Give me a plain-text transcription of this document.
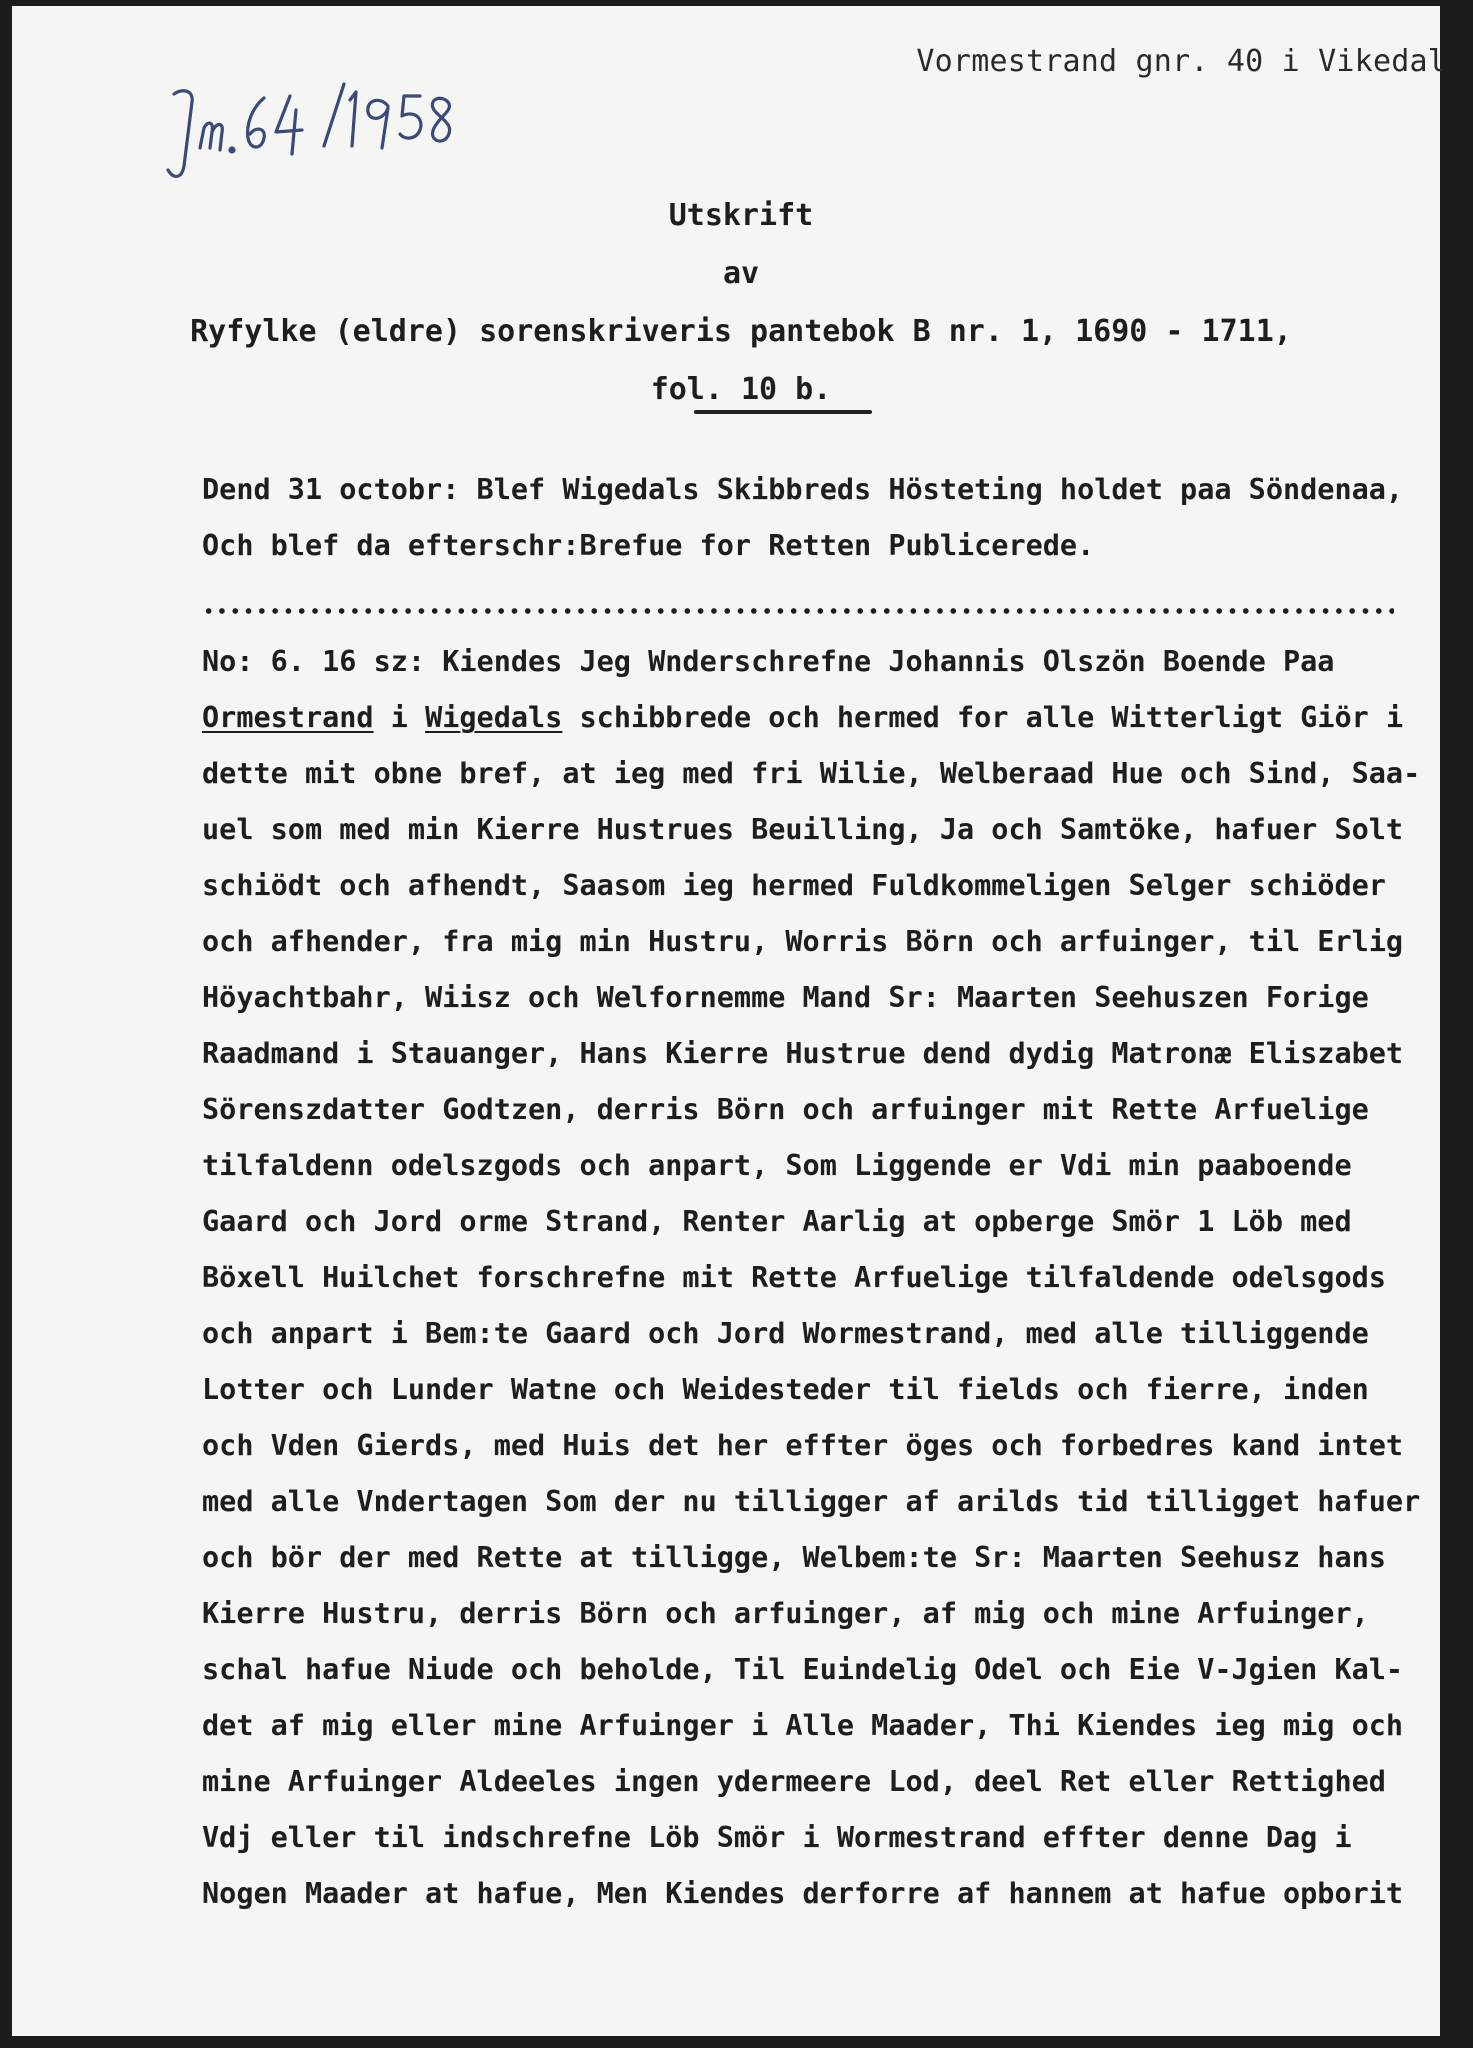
Vormestrand gnr. 40 i Vikedal
Utskrift
av
Ryfylke (eldre) sorenskriveris pantebok B nr. 1, 1690 - 1711,
fol. 10 b.
Dend 31 octobr: Blef Wigedals Skibbreds Hösteting holdet paa Söndenaa,
Och blef da efterschr:Brefue for Retten Publicerede.
No: 6. 16 sz: Kiendes Jeg Wnderschrefne Johannis Olszön Boende Paa
Ormestrand i Wigedals schibbrede och hermed for alle Witterligt Giör i
dette mit obne bref, at ieg med fri Wilie, Welberaad Hue och Sind, Saa-
uel som med min Kierre Hustrues Beuilling, Ja och Samtöke, hafuer Solt
schiödt och afhendt, Saasom ieg hermed Fuldkommeligen Selger schiöder
och afhender, fra mig min Hustru, Worris Börn och arfuinger, til Erlig
Höyachtbahr, Wiisz och Welfornemme Mand Sr: Maarten Seehuszen Forige
Raadmand i Stauanger, Hans Kierre Hustrue dend dydig Matronæ Eliszabet
Sörenszdatter Godtzen, derris Börn och arfuinger mit Rette Arfuelige
tilfaldenn odelszgods och anpart, Som Liggende er Vdi min paaboende
Gaard och Jord orme Strand, Renter Aarlig at opberge Smör 1 Löb med
Böxell Huilchet forschrefne mit Rette Arfuelige tilfaldende odelsgods
och anpart i Bem:te Gaard och Jord Wormestrand, med alle tilliggende
Lotter och Lunder Watne och Weidesteder til fields och fierre, inden
och Vden Gierds, med Huis det her effter öges och forbedres kand intet
med alle Vndertagen Som der nu tilligger af arilds tid tilligget hafuer
och bör der med Rette at tilligge, Welbem:te Sr: Maarten Seehusz hans
Kierre Hustru, derris Börn och arfuinger, af mig och mine Arfuinger,
schal hafue Niude och beholde, Til Euindelig Odel och Eie V-Jgien Kal-
det af mig eller mine Arfuinger i Alle Maader, Thi Kiendes ieg mig och
mine Arfuinger Aldeeles ingen ydermeere Lod, deel Ret eller Rettighed
Vdj eller til indschrefne Löb Smör i Wormestrand effter denne Dag i
Nogen Maader at hafue, Men Kiendes derforre af hannem at hafue opborit
